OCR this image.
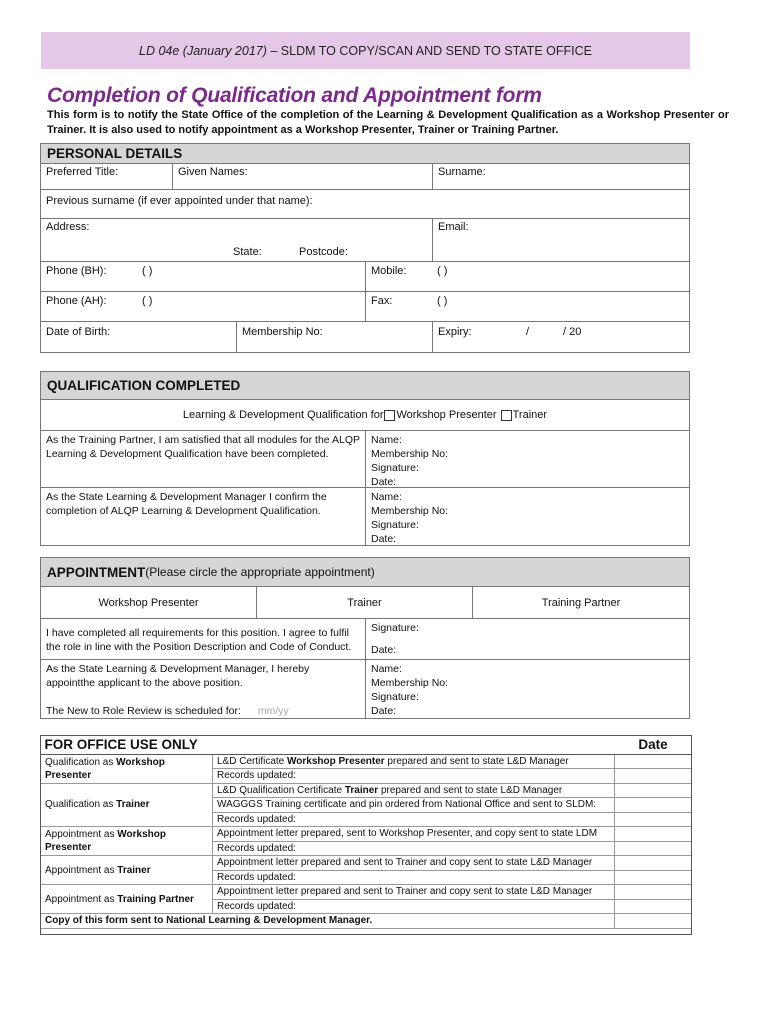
LD 04e (January 2017) – SLDM TO COPY/SCAN AND SEND TO STATE OFFICE
Completion of Qualification and Appointment form
This form is to notify the State Office of the completion of the Learning & Development Qualification as a Workshop Presenter or Trainer. It is also used to notify appointment as a Workshop Presenter, Trainer or Training Partner.
PERSONAL DETAILS
Preferred Title:	Given Names:	Surname:
Previous surname (if ever appointed under that name):
Address:
State:	Postcode:
Email:
Phone (BH):	( )	Mobile:	( )
Phone (AH):	( )	Fax:	( )
Date of Birth:	Membership No:	Expiry:	/	/ 20
QUALIFICATION COMPLETED
Learning & Development Qualification for Workshop Presenter
Trainer
As the Training Partner, I am satisfied that all modules for the ALQP Learning & Development Qualification have been completed.
Name:
Membership No:
Signature:
Date:
As the State Learning & Development Manager I confirm the completion of ALQP Learning & Development Qualification.
Name:
Membership No:
Signature:
Date:
APPOINTMENT (Please circle the appropriate appointment)
Workshop Presenter	Trainer	Training Partner
I have completed all requirements for this position. I agree to fulfil the role in line with the Position Description and Code of Conduct.
Signature:
Date:
As the State Learning & Development Manager, I hereby appointthe applicant to the above position.
The New to Role Review is scheduled for: mm/yy
Name:
Membership No:
Signature:
Date:
FOR OFFICE USE ONLY		Date
Qualification as Workshop Presenter	L&D Certificate Workshop Presenter prepared and sent to state L&D Manager	
	Records updated:	
Qualification as Trainer	L&D Qualification Certificate Trainer prepared and sent to state L&D Manager	
	WAGGGS Training certificate and pin ordered from National Office and sent to SLDM:	
	Records updated:	
Appointment as Workshop Presenter	Appointment letter prepared, sent to Workshop Presenter, and copy sent to state LDM	
	Records updated:	
Appointment as Trainer	Appointment letter prepared and sent to Trainer and copy sent to state L&D Manager	
	Records updated:	
Appointment as Training Partner	Appointment letter prepared and sent to Trainer and copy sent to state L&D Manager	
	Records updated:	
Copy of this form sent to National Learning & Development Manager.		
